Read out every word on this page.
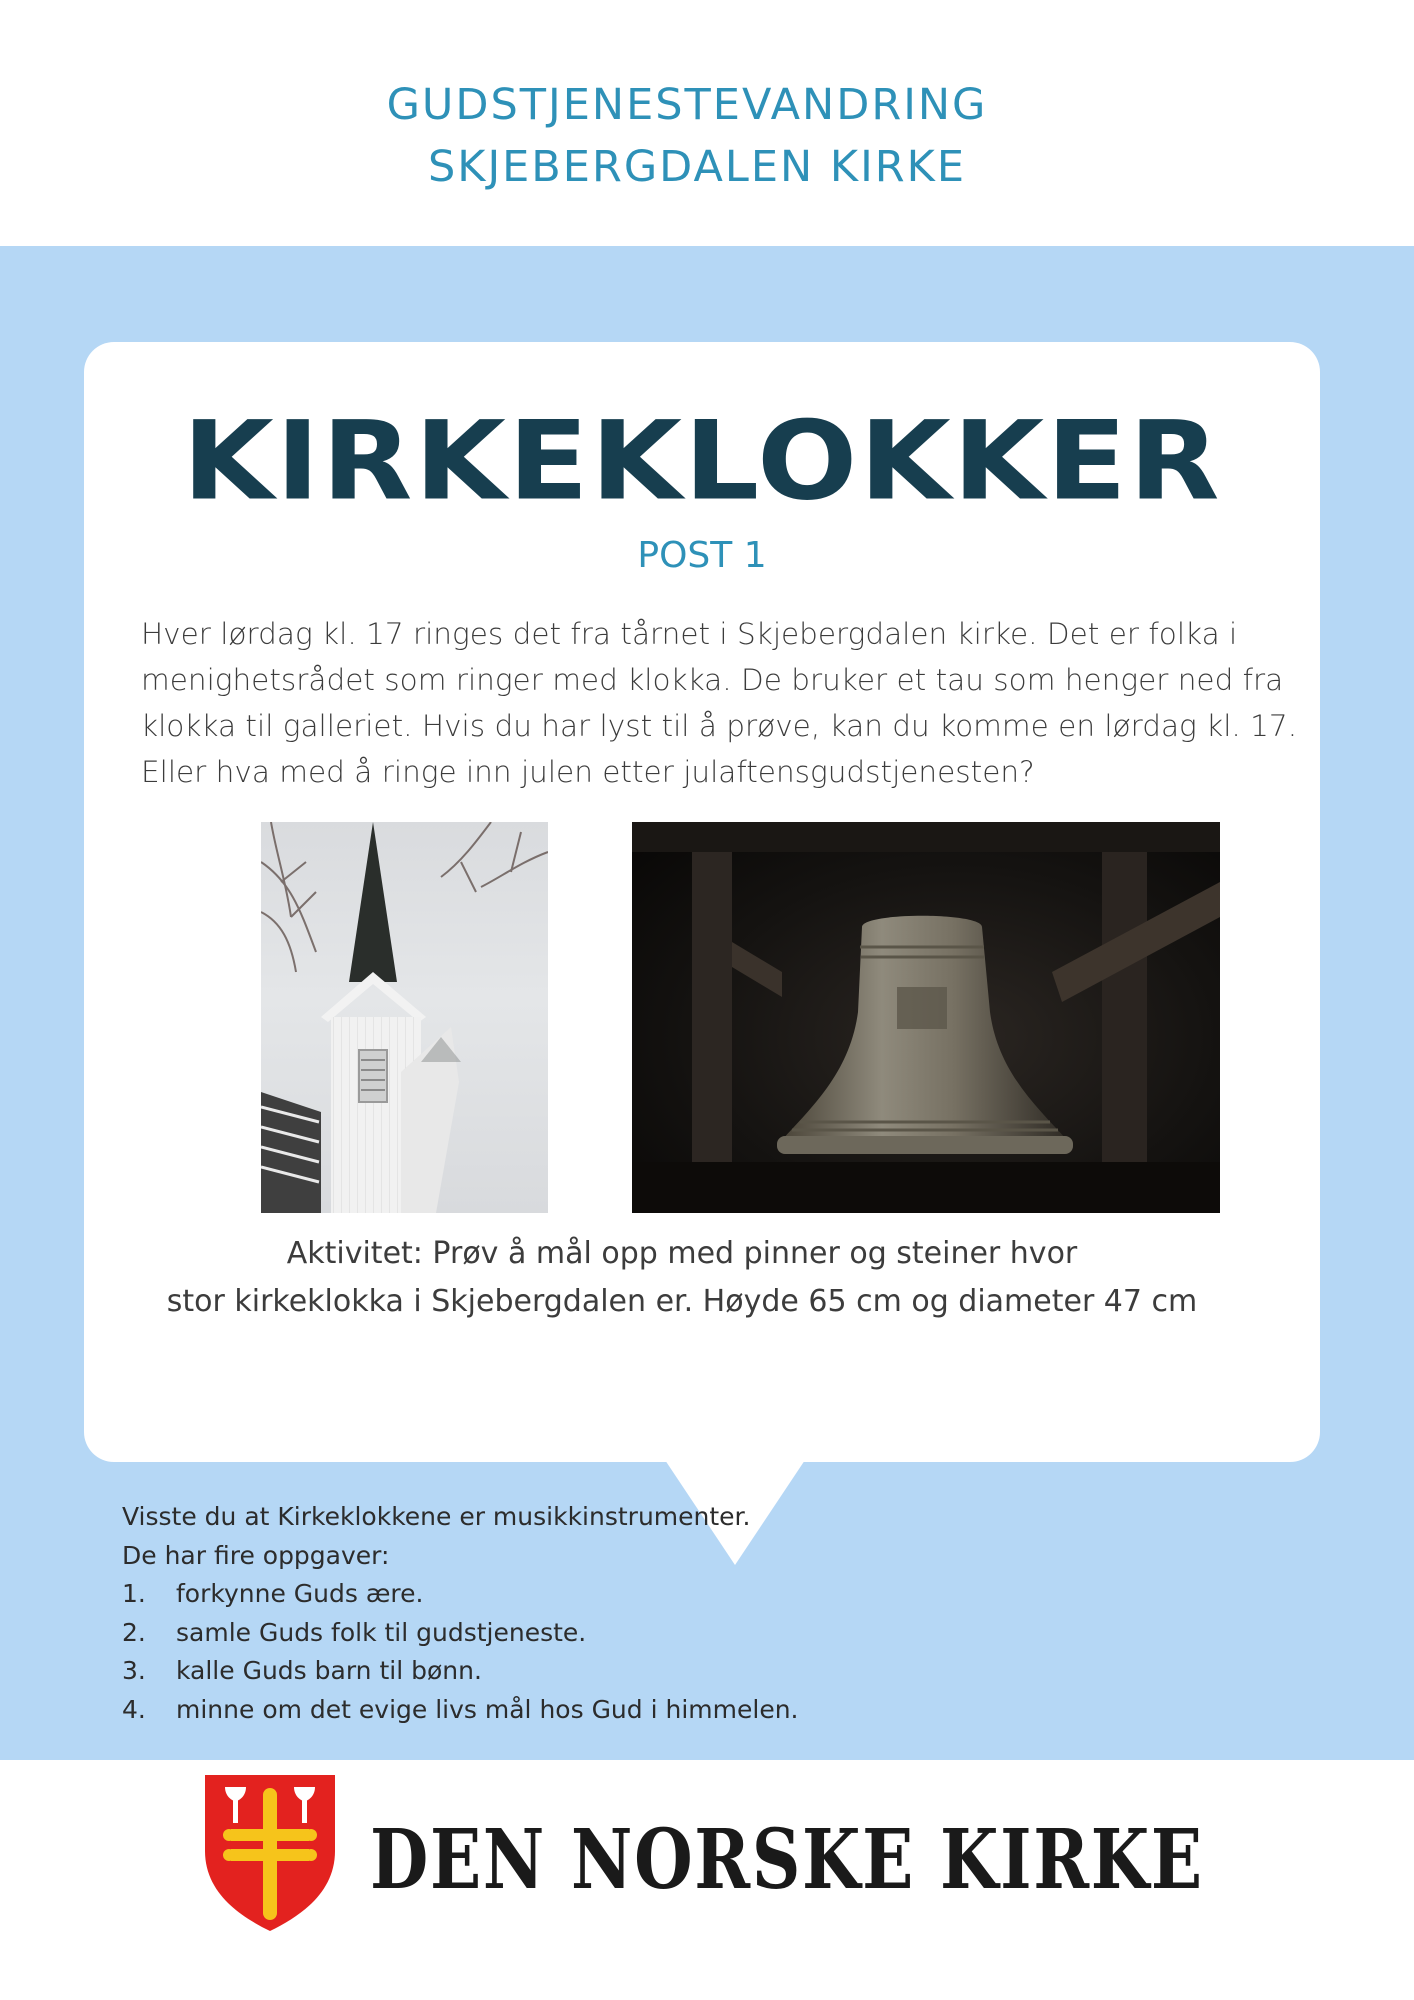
GUDSTJENESTEVANDRING
SKJEBERGDALEN KIRKE
KIRKEKLOKKER
POST 1
Hver lørdag kl. 17 ringes det fra tårnet i Skjebergdalen kirke. Det er folka i
menighetsrådet som ringer med klokka. De bruker et tau som henger ned fra
klokka til galleriet. Hvis du har lyst til å prøve, kan du komme en lørdag kl. 17.
Eller hva med å ringe inn julen etter julaftensgudstjenesten?
Aktivitet: Prøv å mål opp med pinner og steiner hvor
stor kirkeklokka i Skjebergdalen er. Høyde 65 cm og diameter 47 cm
Visste du at Kirkeklokkene er musikkinstrumenter.
De har fire oppgaver:
1. forkynne Guds ære.
2. samle Guds folk til gudstjeneste.
3. kalle Guds barn til bønn.
4. minne om det evige livs mål hos Gud i himmelen.
DEN NORSKE KIRKE
